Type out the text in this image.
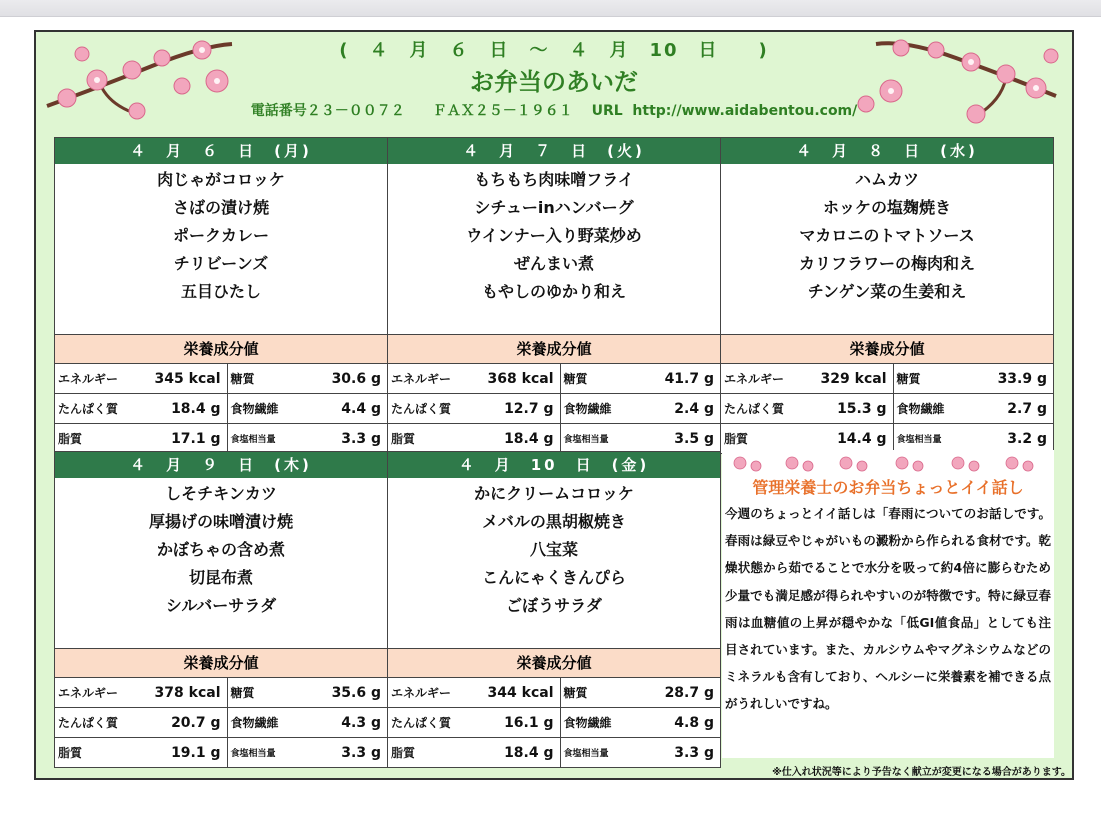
(　４　月　６　日　～　４　月　10　日　　)
お弁当のあいだ
電話番号２３－００７２　　ＦＡＸ２５－１９６１　 URL  http://www.aidabentou.com/
４　月　６　日　(月)
肉じゃがコロッケ
さばの漬け焼
ポークカレー
チリビーンズ
五目ひたし
栄養成分値
エネルギー	345 kcal	糖質	30.6 g
たんぱく質	18.4 g	食物繊維	4.4 g
脂質	17.1 g	食塩相当量	3.3 g
４　月　７　日　(火)
もちもち肉味噌フライ
シチューinハンバーグ
ウインナー入り野菜炒め
ぜんまい煮
もやしのゆかり和え
栄養成分値
エネルギー	368 kcal	糖質	41.7 g
たんぱく質	12.7 g	食物繊維	2.4 g
脂質	18.4 g	食塩相当量	3.5 g
４　月　８　日　(水)
ハムカツ
ホッケの塩麹焼き
マカロニのトマトソース
カリフラワーの梅肉和え
チンゲン菜の生姜和え
栄養成分値
エネルギー	329 kcal	糖質	33.9 g
たんぱく質	15.3 g	食物繊維	2.7 g
脂質	14.4 g	食塩相当量	3.2 g
４　月　９　日　(木)
しそチキンカツ
厚揚げの味噌漬け焼
かぼちゃの含め煮
切昆布煮
シルバーサラダ
栄養成分値
エネルギー	378 kcal	糖質	35.6 g
たんぱく質	20.7 g	食物繊維	4.3 g
脂質	19.1 g	食塩相当量	3.3 g
４　月　10　日　(金)
かにクリームコロッケ
メバルの黒胡椒焼き
八宝菜
こんにゃくきんぴら
ごぼうサラダ
栄養成分値
エネルギー	344 kcal	糖質	28.7 g
たんぱく質	16.1 g	食物繊維	4.8 g
脂質	18.4 g	食塩相当量	3.3 g
管理栄養士のお弁当ちょっとイイ話し
今週のちょっとイイ話しは「春雨についてのお話しです。春雨は緑豆やじゃがいもの澱粉から作られる食材です。乾燥状態から茹でることで水分を吸って約4倍に膨らむため少量でも満足感が得られやすいのが特徴です。特に緑豆春雨は血糖値の上昇が穏やかな「低GI値食品」としても注目されています。また、カルシウムやマグネシウムなどのミネラルも含有しており、ヘルシーに栄養素を補できる点がうれしいですね。
※仕入れ状況等により予告なく献立が変更になる場合があります。
